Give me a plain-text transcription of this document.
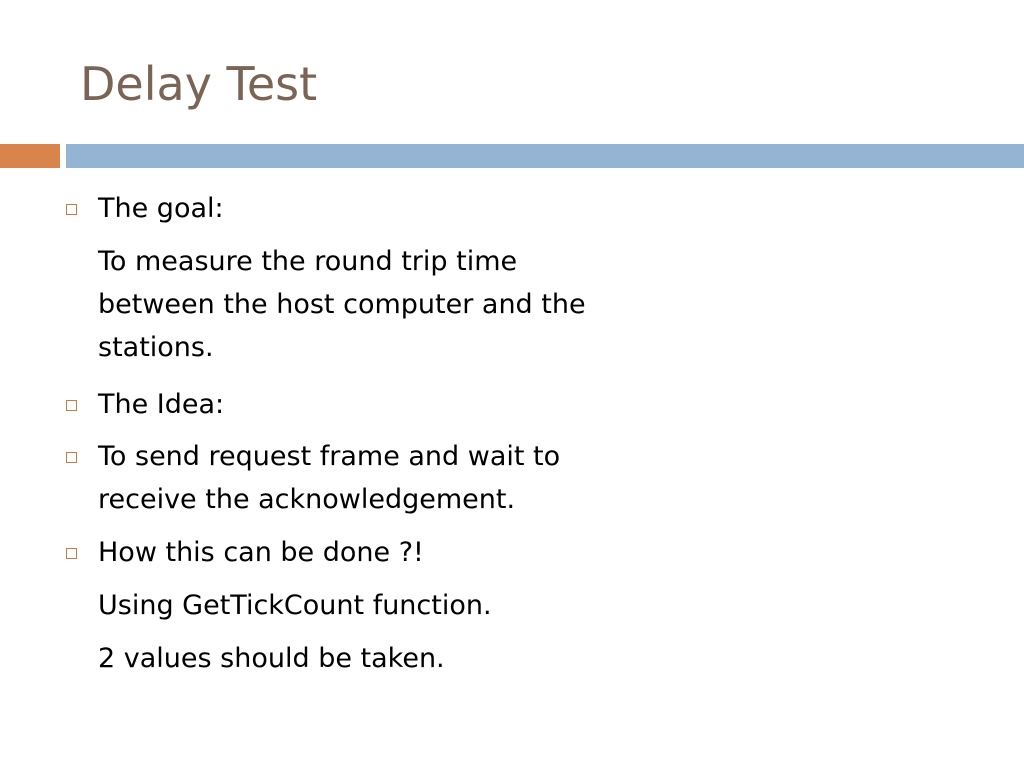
Delay Test
The goal:
To measure the round trip time
between the host computer and the
stations.
The Idea:
To send request frame and wait to
receive the acknowledgement.
How this can be done ?!
Using GetTickCount function.
2 values should be taken.
